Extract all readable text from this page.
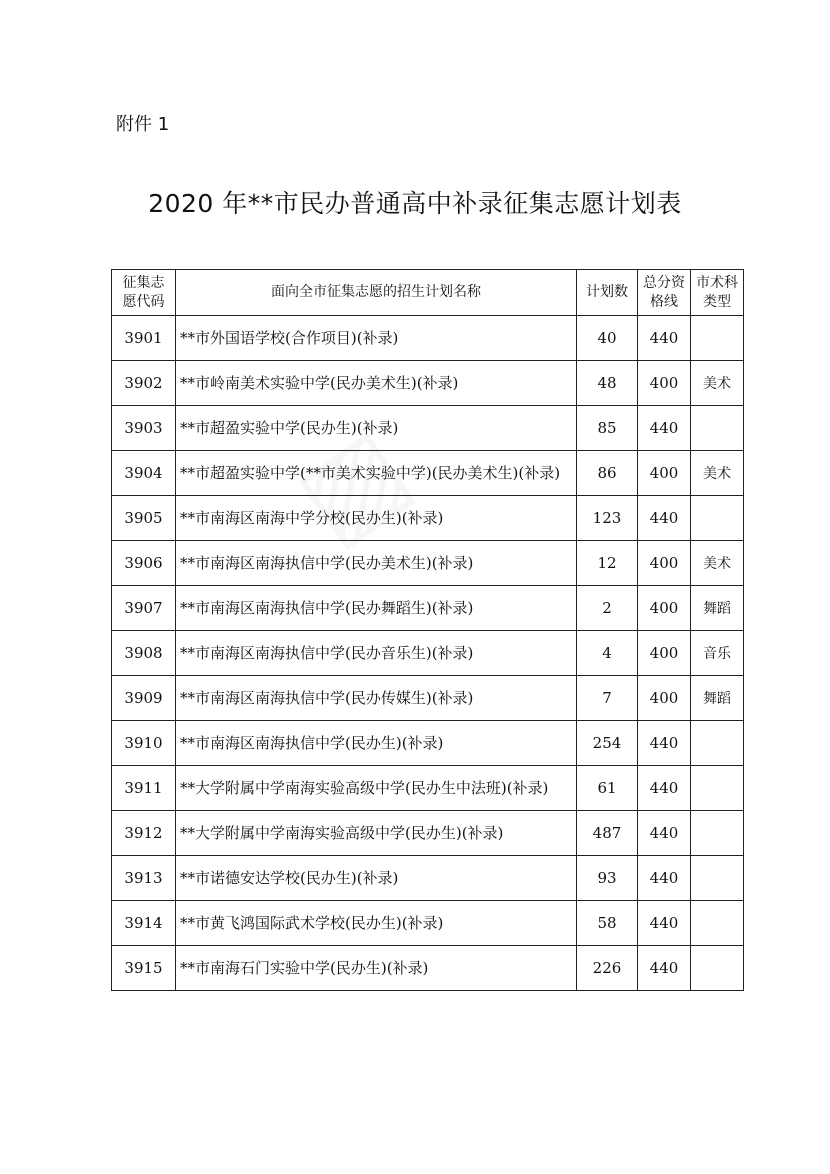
附件 1
2020 年**市民办普通高中补录征集志愿计划表
征集志愿代码	面向全市征集志愿的招生计划名称	计划数	总分资格线	市术科类型
3901	**市外国语学校(合作项目)(补录)	40	440	
3902	**市岭南美术实验中学(民办美术生)(补录)	48	400	美术
3903	**市超盈实验中学(民办生)(补录)	85	440	
3904	**市超盈实验中学(**市美术实验中学)(民办美术生)(补录)	86	400	美术
3905	**市南海区南海中学分校(民办生)(补录)	123	440	
3906	**市南海区南海执信中学(民办美术生)(补录)	12	400	美术
3907	**市南海区南海执信中学(民办舞蹈生)(补录)	2	400	舞蹈
3908	**市南海区南海执信中学(民办音乐生)(补录)	4	400	音乐
3909	**市南海区南海执信中学(民办传媒生)(补录)	7	400	舞蹈
3910	**市南海区南海执信中学(民办生)(补录)	254	440	
3911	**大学附属中学南海实验高级中学(民办生中法班)(补录)	61	440	
3912	**大学附属中学南海实验高级中学(民办生)(补录)	487	440	
3913	**市诺德安达学校(民办生)(补录)	93	440	
3914	**市黄飞鸿国际武术学校(民办生)(补录)	58	440	
3915	**市南海石门实验中学(民办生)(补录)	226	440	
